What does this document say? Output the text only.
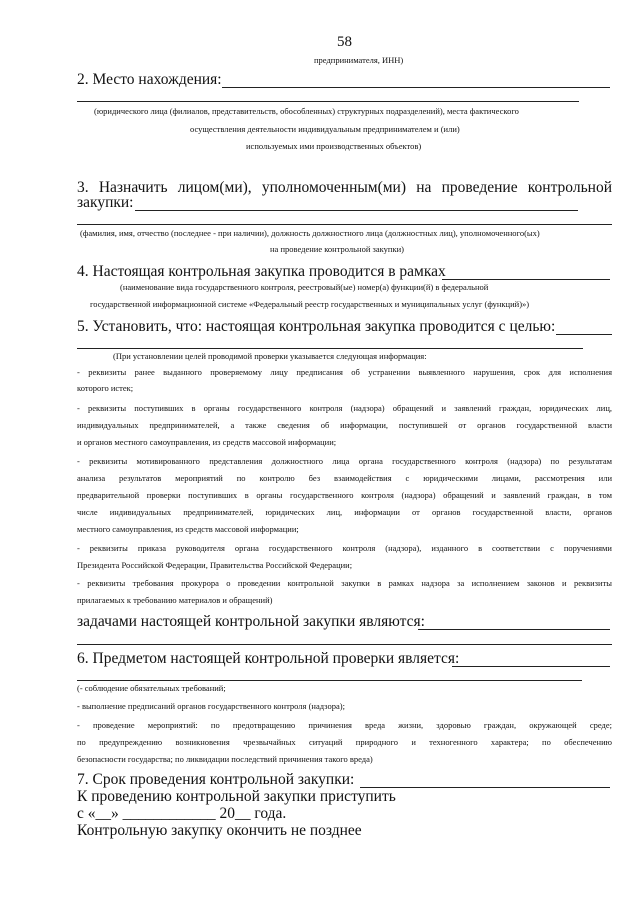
58
предпринимателя, ИНН)
2. Место нахождения:
(юридического лица (филиалов, представительств, обособленных) структурных подразделений), места фактического
осуществления деятельности индивидуальным предпринимателем и (или)
используемых ими производственных объектов)
3. Назначить лицом(ми), уполномоченным(ми) на проведение контрольной
закупки:
(фамилия, имя, отчество (последнее - при наличии), должность должностного лица (должностных лиц), уполномоченного(ых)
на проведение контрольной закупки)
4. Настоящая контрольная закупка проводится в рамках
(наименование вида государственного контроля, реестровый(ые) номер(а) функции(й) в федеральной
государственной информационной системе «Федеральный реестр государственных и муниципальных услуг (функций)»)
5. Установить, что: настоящая контрольная закупка проводится с целью:
(При установлении целей проводимой проверки указывается следующая информация:
- реквизиты ранее выданного проверяемому лицу предписания об устранении выявленного нарушения, срок для исполнения
которого истек;
- реквизиты поступивших в органы государственного контроля (надзора) обращений и заявлений граждан, юридических лиц,
индивидуальных предпринимателей, а также сведения об информации, поступившей от органов государственной власти
и органов местного самоуправления, из средств массовой информации;
- реквизиты мотивированного представления должностного лица органа государственного контроля (надзора) по результатам
анализа результатов мероприятий по контролю без взаимодействия с юридическими лицами, рассмотрения или
предварительной проверки поступивших в органы государственного контроля (надзора) обращений и заявлений граждан, в том
числе индивидуальных предпринимателей, юридических лиц, информации от органов государственной власти, органов
местного самоуправления, из средств массовой информации;
- реквизиты приказа руководителя органа государственного контроля (надзора), изданного в соответствии с поручениями
Президента Российской Федерации, Правительства Российской Федерации;
- реквизиты требования прокурора о проведении контрольной закупки в рамках надзора за исполнением законов и реквизиты
прилагаемых к требованию материалов и обращений)
задачами настоящей контрольной закупки являются:
6. Предметом настоящей контрольной проверки является:
(- соблюдение обязательных требований;
- выполнение предписаний органов государственного контроля (надзора);
- проведение мероприятий: по предотвращению причинения вреда жизни, здоровью граждан, окружающей среде;
по предупреждению возникновения чрезвычайных ситуаций природного и техногенного характера; по обеспечению
безопасности государства; по ликвидации последствий причинения такого вреда)
7. Срок проведения контрольной закупки:
К проведению контрольной закупки приступить
с «__» ____________ 20__ года.
Контрольную закупку окончить не позднее
